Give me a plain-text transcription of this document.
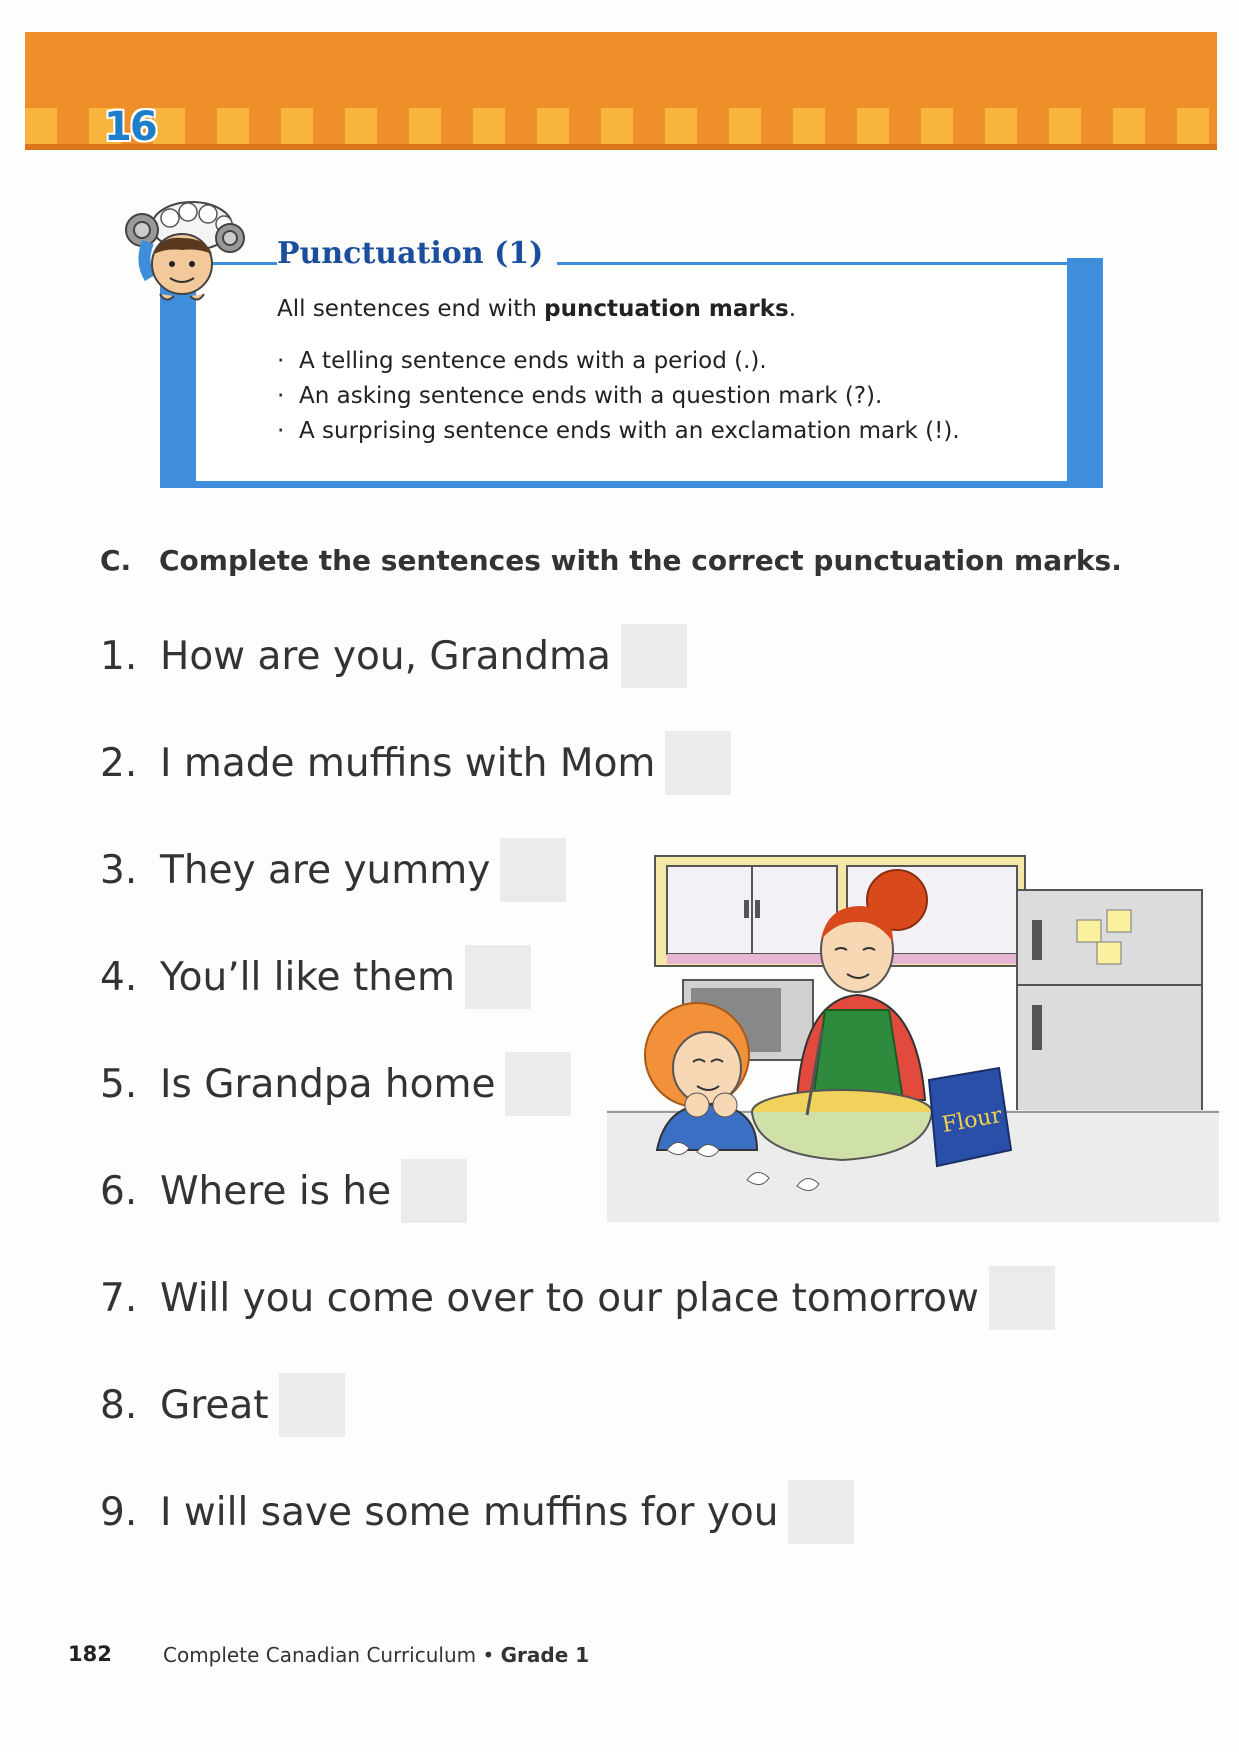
16
Punctuation (1)
All sentences end with punctuation marks.
· A telling sentence ends with a period (.).
· An asking sentence ends with a question mark (?).
· A surprising sentence ends with an exclamation mark (!).
C. Complete the sentences with the correct punctuation marks.
Flour
1. How are you, Grandma
2. I made muffins with Mom
3. They are yummy
4. You’ll like them
5. Is Grandpa home
6. Where is he
7. Will you come over to our place tomorrow
8. Great
9. I will save some muffins for you
182	Complete Canadian Curriculum • Grade 1
